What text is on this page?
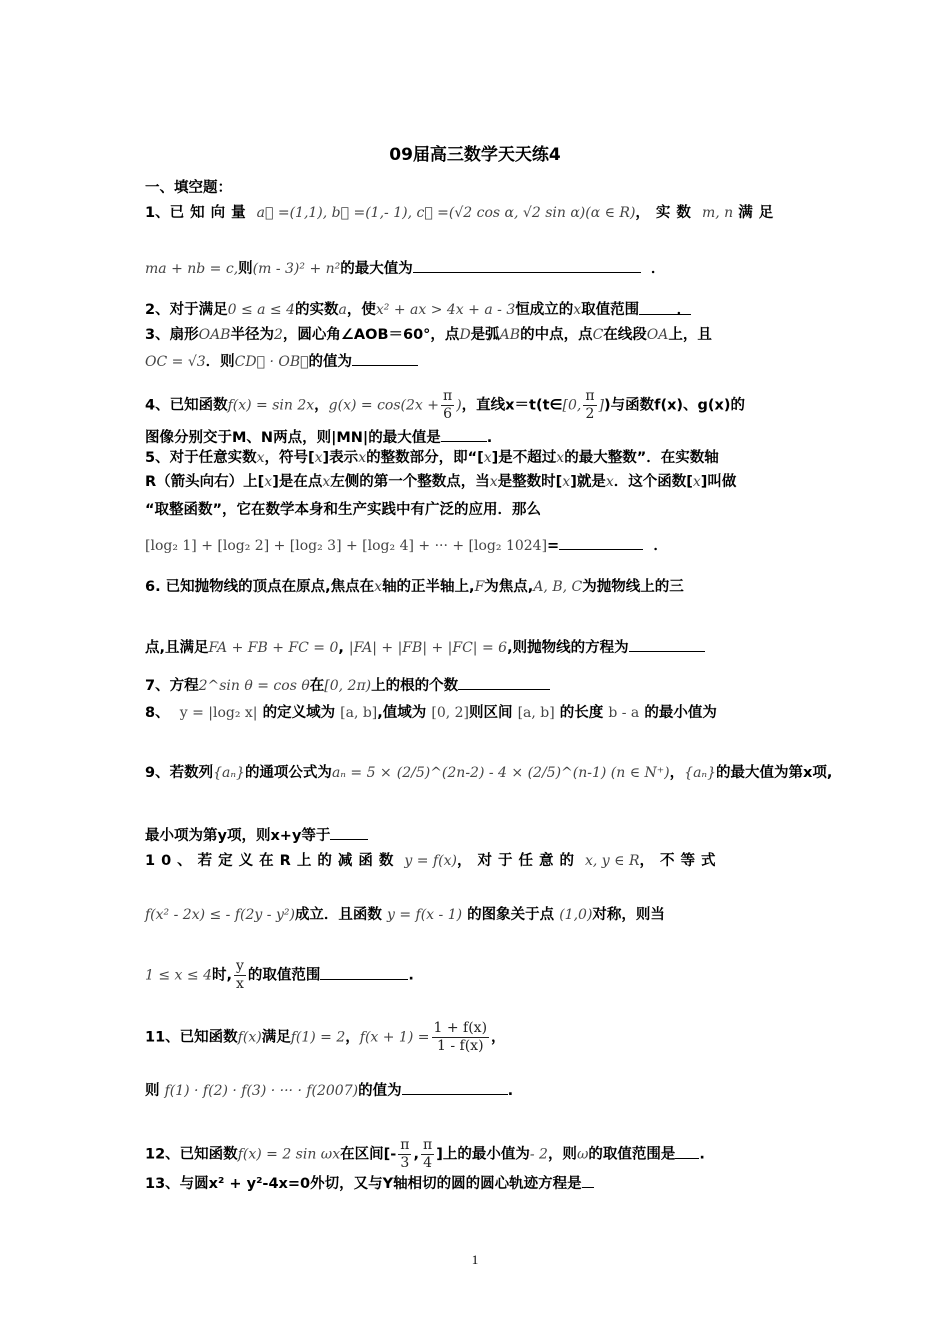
09届高三数学天天练4
一、填空题：
1、已知向量 a⃗ =(1,1), b⃗ =(1,- 1), c⃗ =(√2 cos α, √2 sin α)(α ∈ R)，实数 m, n 满足
ma + nb = c,则(m - 3)² + n²的最大值为	．
2、对于满足0 ≤ a ≤ 4的实数a，使x² + ax > 4x + a - 3恒成立的x取值范围	．
3、扇形OAB半径为2，圆心角∠AOB＝60°，点D是弧AB的中点，点C在线段OA上，且
OC = √3．则CD⃗ · OB⃗的值为
4、已知函数f(x) = sin 2x，$g(x) = \cos(2x + \frac{\pi}{6}$ )，直线x＝t(t∈[0, $\frac{\pi}{2}$ ])与函数f(x)、g(x)的
图像分别交于M、N两点，则|MN|的最大值是	.
5、对于任意实数x，符号[x]表示x的整数部分，即“[x]是不超过x的最大整数”．在实数轴
R（箭头向右）上[x]是在点x左侧的第一个整数点，当x是整数时[x]就是x．这个函数[x]叫做
“取整函数”，它在数学本身和生产实践中有广泛的应用．那么
[log₂ 1] + [log₂ 2] + [log₂ 3] + [log₂ 4] + ··· + [log₂ 1024]=	．
6. 已知抛物线的顶点在原点,焦点在x轴的正半轴上,F为焦点,A, B, C为抛物线上的三
点,且满足FA + FB + FC = 0, |FA| + |FB| + |FC| = 6,则抛物线的方程为
7、方程2^sin θ = cos θ在[0, 2π)上的根的个数
8、 y = |log₂ x| 的定义域为 [a, b],值域为 [0, 2]则区间 [a, b] 的长度 b - a 的最小值为
9、若数列{aₙ}的通项公式为aₙ = 5 × (2/5)^(2n-2) - 4 × (2/5)^(n-1) (n ∈ N⁺)，{aₙ}的最大值为第x项,
最小项为第y项，则x+y等于
10、若定义在R上的减函数 y = f(x)，对于任意的 x, y ∈ R，不等式
f(x² - 2x) ≤ - f(2y - y²)成立．且函数 y = f(x - 1) 的图象关于点 (1,0)对称，则当
1 ≤ x ≤ 4时, $\frac{y}{x}$ 的取值范围	.
11、已知函数f(x)满足f(1) = 2，$f(x + 1) = \frac{1 + f(x)}{1 - f(x)}$ ，
则 f(1) · f(2) · f(3) · ··· · f(2007)的值为	.
12、已知函数f(x) = 2 sin ωx在区间[- $\frac{\pi}{3}$ , $\frac{\pi}{4}$ ]上的最小值为- 2，则ω的取值范围是 .
13、与圆x² + y²-4x=0外切，又与Y轴相切的圆的圆心轨迹方程是
1
